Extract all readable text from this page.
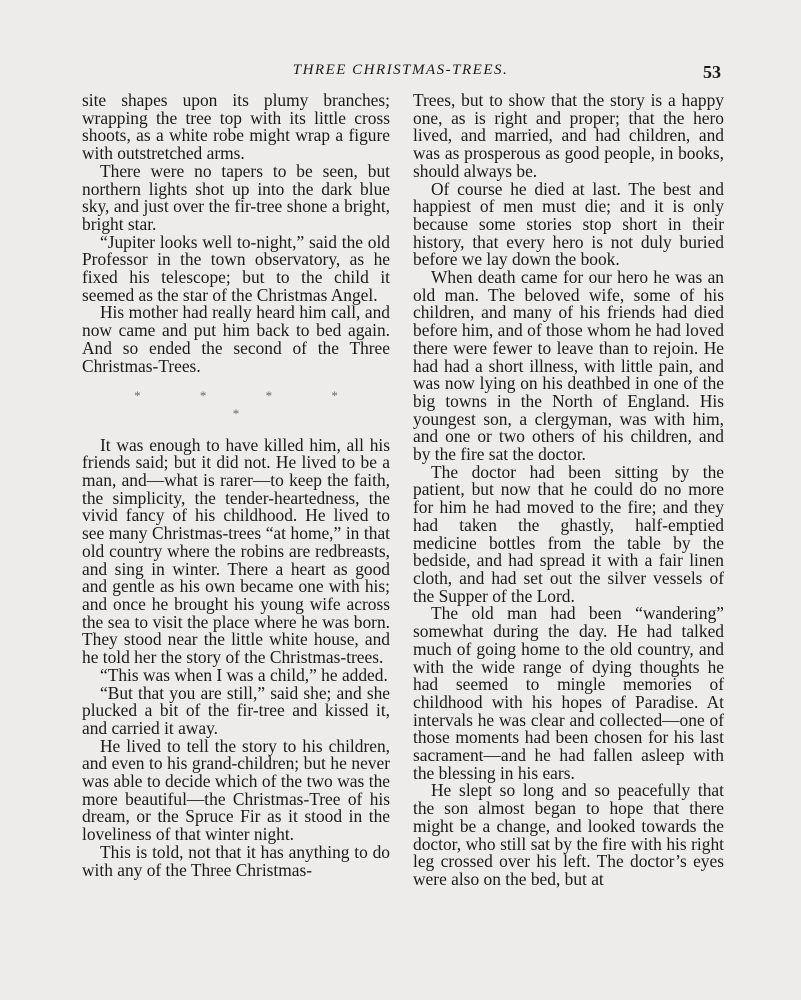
THREE CHRISTMAS-TREES.	53

site shapes upon its plumy branches; wrapping the tree top with its little cross shoots, as a white robe might wrap a figure with outstretched arms.

There were no tapers to be seen, but northern lights shot up into the dark blue sky, and just over the fir-tree shone a bright, bright star.

“Jupiter looks well to-night,” said the old Professor in the town observatory, as he fixed his telescope; but to the child it seemed as the star of the Christmas Angel.

His mother had really heard him call, and now came and put him back to bed again. And so ended the second of the Three Christmas-Trees.

* * * * *

It was enough to have killed him, all his friends said; but it did not. He lived to be a man, and—what is rarer—to keep the faith, the simplicity, the tender-heartedness, the vivid fancy of his childhood. He lived to see many Christmas-trees “at home,” in that old country where the robins are redbreasts, and sing in winter. There a heart as good and gentle as his own became one with his; and once he brought his young wife across the sea to visit the place where he was born. They stood near the little white house, and he told her the story of the Christmas-trees.

“This was when I was a child,” he added.

“But that you are still,” said she; and she plucked a bit of the fir-tree and kissed it, and carried it away.

He lived to tell the story to his children, and even to his grand-children; but he never was able to decide which of the two was the more beautiful—the Christmas-Tree of his dream, or the Spruce Fir as it stood in the loveliness of that winter night.

This is told, not that it has anything to do with any of the Three Christmas-

Trees, but to show that the story is a happy one, as is right and proper; that the hero lived, and married, and had children, and was as prosperous as good people, in books, should always be.

Of course he died at last. The best and happiest of men must die; and it is only because some stories stop short in their history, that every hero is not duly buried before we lay down the book.

When death came for our hero he was an old man. The beloved wife, some of his children, and many of his friends had died before him, and of those whom he had loved there were fewer to leave than to rejoin. He had had a short illness, with little pain, and was now lying on his deathbed in one of the big towns in the North of England. His youngest son, a clergyman, was with him, and one or two others of his children, and by the fire sat the doctor.

The doctor had been sitting by the patient, but now that he could do no more for him he had moved to the fire; and they had taken the ghastly, half-emptied medicine bottles from the table by the bedside, and had spread it with a fair linen cloth, and had set out the silver vessels of the Supper of the Lord.

The old man had been “wandering” somewhat during the day. He had talked much of going home to the old country, and with the wide range of dying thoughts he had seemed to mingle memories of childhood with his hopes of Paradise. At intervals he was clear and collected—one of those moments had been chosen for his last sacrament—and he had fallen asleep with the blessing in his ears.

He slept so long and so peacefully that the son almost began to hope that there might be a change, and looked towards the doctor, who still sat by the fire with his right leg crossed over his left. The doctor’s eyes were also on the bed, but at
